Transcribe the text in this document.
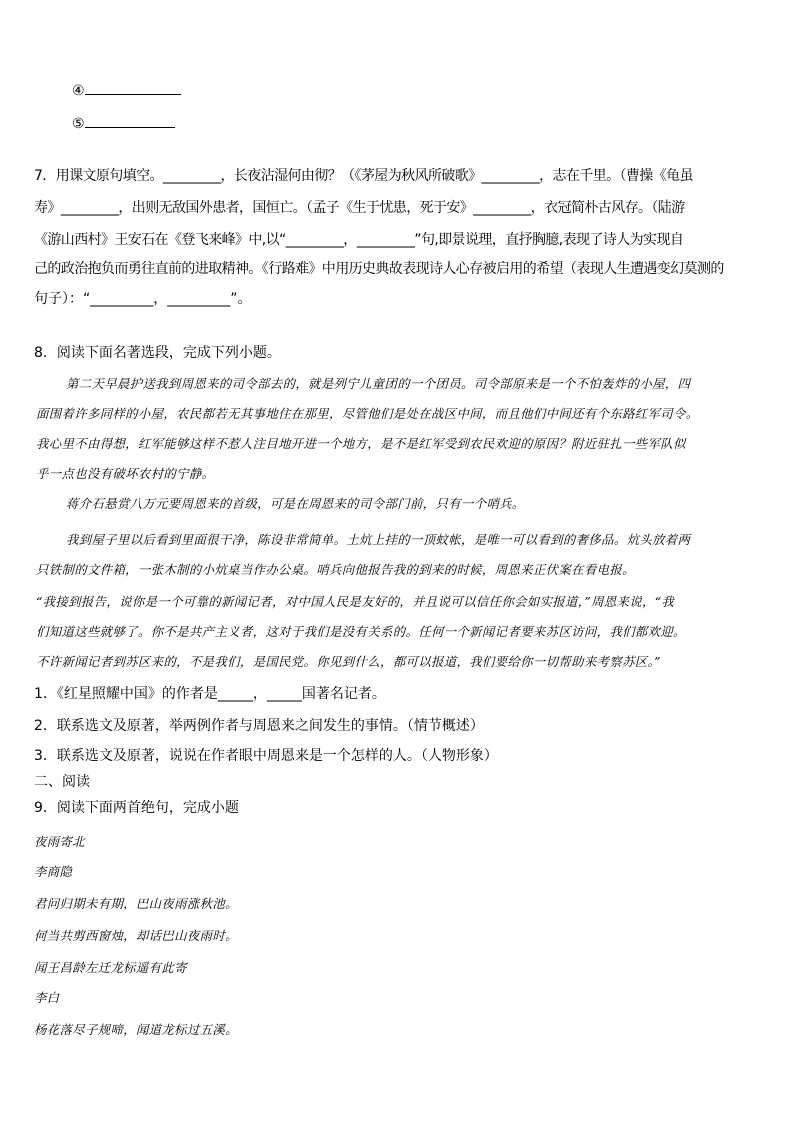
④
⑤
7．用课文原句填空。_________，长夜沾湿何由彻？（《茅屋为秋风所破歌》_________，志在千里。（曹操《龟虽
寿》_________，出则无敌国外患者，国恒亡。（孟子《生于忧患，死于安》_________，衣冠简朴古风存。（陆游
《游山西村》王安石在《登飞来峰》中,以“_________，_________”句,即景说理，直抒胸臆,表现了诗人为实现自
己的政治抱负而勇往直前的进取精神。《行路难》中用历史典故表现诗人心存被启用的希望（表现人生遭遇变幻莫测的
句子）：“_________，_________”。
8．阅读下面名著选段，完成下列小题。
第二天早晨护送我到周恩来的司令部去的，就是列宁儿童团的一个团员。司令部原来是一个不怕轰炸的小屋，四
面围着许多同样的小屋，农民都若无其事地住在那里，尽管他们是处在战区中间，而且他们中间还有个东路红军司令。
我心里不由得想，红军能够这样不惹人注目地开进一个地方，是不是红军受到农民欢迎的原因？附近驻扎一些军队似
乎一点也没有破坏农村的宁静。
蒋介石悬赏八万元要周恩来的首级，可是在周恩来的司令部门前，只有一个哨兵。
我到屋子里以后看到里面很干净，陈设非常简单。土炕上挂的一顶蚊帐，是唯一可以看到的奢侈品。炕头放着两
只铁制的文件箱，一张木制的小炕桌当作办公桌。哨兵向他报告我的到来的时候，周恩来正伏案在看电报。
“我接到报告，说你是一个可靠的新闻记者，对中国人民是友好的，并且说可以信任你会如实报道，”周恩来说，“我
们知道这些就够了。你不是共产主义者，这对于我们是没有关系的。任何一个新闻记者要来苏区访问，我们都欢迎。
不许新闻记者到苏区来的，不是我们，是国民党。你见到什么，都可以报道，我们要给你一切帮助来考察苏区。”
1．《红星照耀中国》的作者是_____，_____国著名记者。
2．联系选文及原著，举两例作者与周恩来之间发生的事情。（情节概述）
3．联系选文及原著，说说在作者眼中周恩来是一个怎样的人。（人物形象）
二、阅读
9．阅读下面两首绝句，完成小题
夜雨寄北
李商隐
君问归期未有期，巴山夜雨涨秋池。
何当共剪西窗烛，却话巴山夜雨时。
闻王昌龄左迁龙标遥有此寄
李白
杨花落尽子规啼，闻道龙标过五溪。
